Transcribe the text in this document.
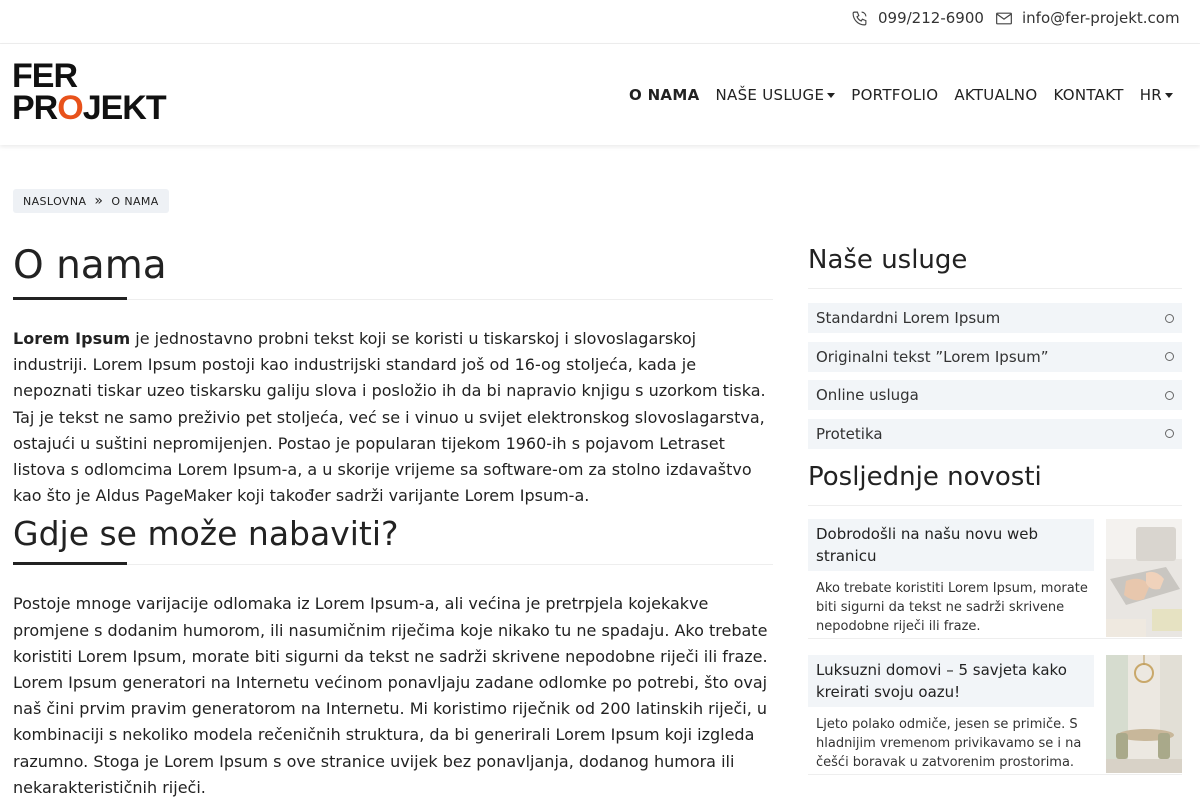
099/212-6900	info@fer-projekt.com
FER
PROJEKT	O NAMA NAŠE USLUGE PORTFOLIO AKTUALNO KONTAKT HR
NASLOVNA » O NAMA
O nama

Lorem Ipsum je jednostavno probni tekst koji se koristi u tiskarskoj i slovoslagarskoj industriji. Lorem Ipsum postoji kao industrijski standard još od 16-og stoljeća, kada je nepoznati tiskar uzeo tiskarsku galiju slova i posložio ih da bi napravio knjigu s uzorkom tiska. Taj je tekst ne samo preživio pet stoljeća, već se i vinuo u svijet elektronskog slovoslagarstva, ostajući u suštini nepromijenjen. Postao je popularan tijekom 1960-ih s pojavom Letraset listova s odlomcima Lorem Ipsum-a, a u skorije vrijeme sa software-om za stolno izdavaštvo kao što je Aldus PageMaker koji također sadrži varijante Lorem Ipsum-a.

Gdje se može nabaviti?

Postoje mnoge varijacije odlomaka iz Lorem Ipsum-a, ali većina je pretrpjela kojekakve promjene s dodanim humorom, ili nasumičnim riječima koje nikako tu ne spadaju. Ako trebate koristiti Lorem Ipsum, morate biti sigurni da tekst ne sadrži skrivene nepodobne riječi ili fraze. Lorem Ipsum generatori na Internetu većinom ponavljaju zadane odlomke po potrebi, što ovaj naš čini prvim pravim generatorom na Internetu. Mi koristimo riječnik od 200 latinskih riječi, u kombinaciji s nekoliko modela rečeničnih struktura, da bi generirali Lorem Ipsum koji izgleda razumno. Stoga je Lorem Ipsum s ove stranice uvijek bez ponavljanja, dodanog humora ili nekarakterističnih riječi.

Naše usluge
Standardni Lorem Ipsum
Originalni tekst ”Lorem Ipsum”
Online usluga
Protetika
Posljednje novosti
Dobrodošli na našu novu web stranicu
Ako trebate koristiti Lorem Ipsum, morate biti sigurni da tekst ne sadrži skrivene nepodobne riječi ili fraze.
Luksuzni domovi – 5 savjeta kako kreirati svoju oazu!
Ljeto polako odmiče, jesen se primiče. S hladnijim vremenom privikavamo se i na češći boravak u zatvorenim prostorima.
